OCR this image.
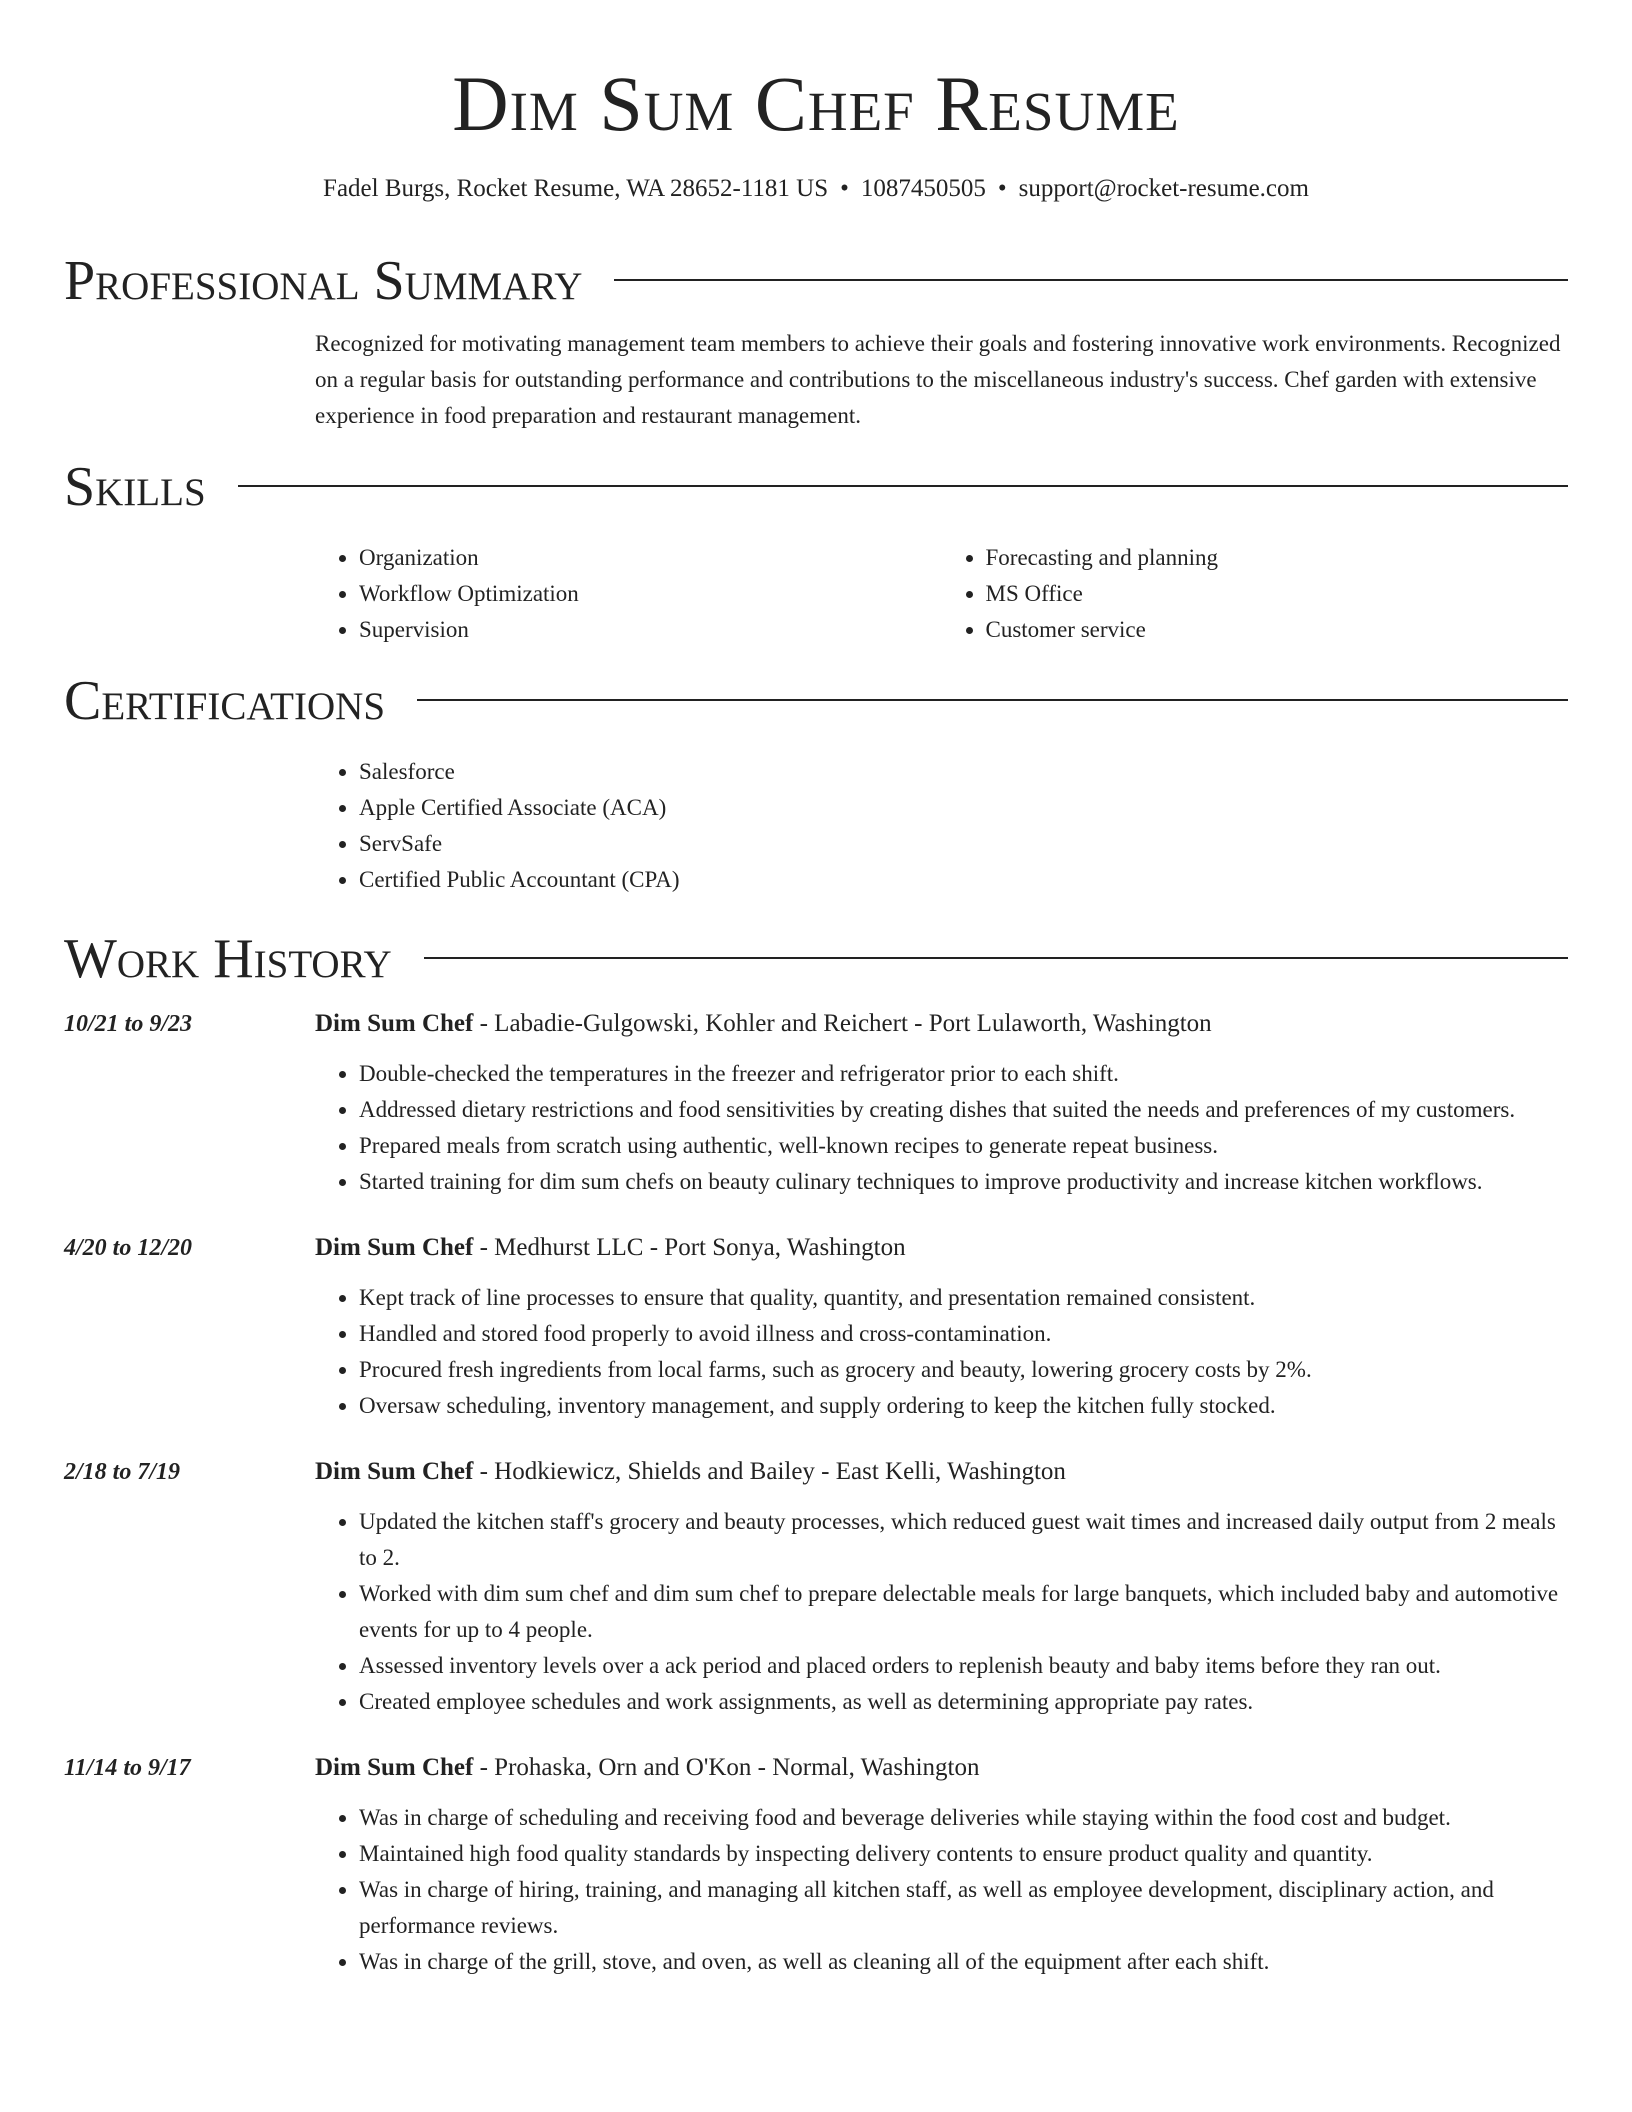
Dim Sum Chef Resume
Fadel Burgs, Rocket Resume, WA 28652-1181 US • 1087450505 • support@rocket-resume.com
Professional Summary

Recognized for motivating management team members to achieve their goals and fostering innovative work environments. Recognized on a regular basis for outstanding performance and contributions to the miscellaneous industry's success. Chef garden with extensive experience in food preparation and restaurant management.

Skills
• Organization
• Workflow Optimization
• Supervision
• Forecasting and planning
• MS Office
• Customer service
Certifications
• Salesforce
• Apple Certified Associate (ACA)
• ServSafe
• Certified Public Accountant (CPA)
Work History
10/21 to 9/23	Dim Sum Chef - Labadie-Gulgowski, Kohler and Reichert - Port Lulaworth, Washington
• Double-checked the temperatures in the freezer and refrigerator prior to each shift.
• Addressed dietary restrictions and food sensitivities by creating dishes that suited the needs and preferences of my customers.
• Prepared meals from scratch using authentic, well-known recipes to generate repeat business.
• Started training for dim sum chefs on beauty culinary techniques to improve productivity and increase kitchen workflows.
4/20 to 12/20	Dim Sum Chef - Medhurst LLC - Port Sonya, Washington
• Kept track of line processes to ensure that quality, quantity, and presentation remained consistent.
• Handled and stored food properly to avoid illness and cross-contamination.
• Procured fresh ingredients from local farms, such as grocery and beauty, lowering grocery costs by 2%.
• Oversaw scheduling, inventory management, and supply ordering to keep the kitchen fully stocked.
2/18 to 7/19	Dim Sum Chef - Hodkiewicz, Shields and Bailey - East Kelli, Washington
• Updated the kitchen staff's grocery and beauty processes, which reduced guest wait times and increased daily output from 2 meals to 2.
• Worked with dim sum chef and dim sum chef to prepare delectable meals for large banquets, which included baby and automotive events for up to 4 people.
• Assessed inventory levels over a ack period and placed orders to replenish beauty and baby items before they ran out.
• Created employee schedules and work assignments, as well as determining appropriate pay rates.
11/14 to 9/17	Dim Sum Chef - Prohaska, Orn and O'Kon - Normal, Washington
• Was in charge of scheduling and receiving food and beverage deliveries while staying within the food cost and budget.
• Maintained high food quality standards by inspecting delivery contents to ensure product quality and quantity.
• Was in charge of hiring, training, and managing all kitchen staff, as well as employee development, disciplinary action, and performance reviews.
• Was in charge of the grill, stove, and oven, as well as cleaning all of the equipment after each shift.
